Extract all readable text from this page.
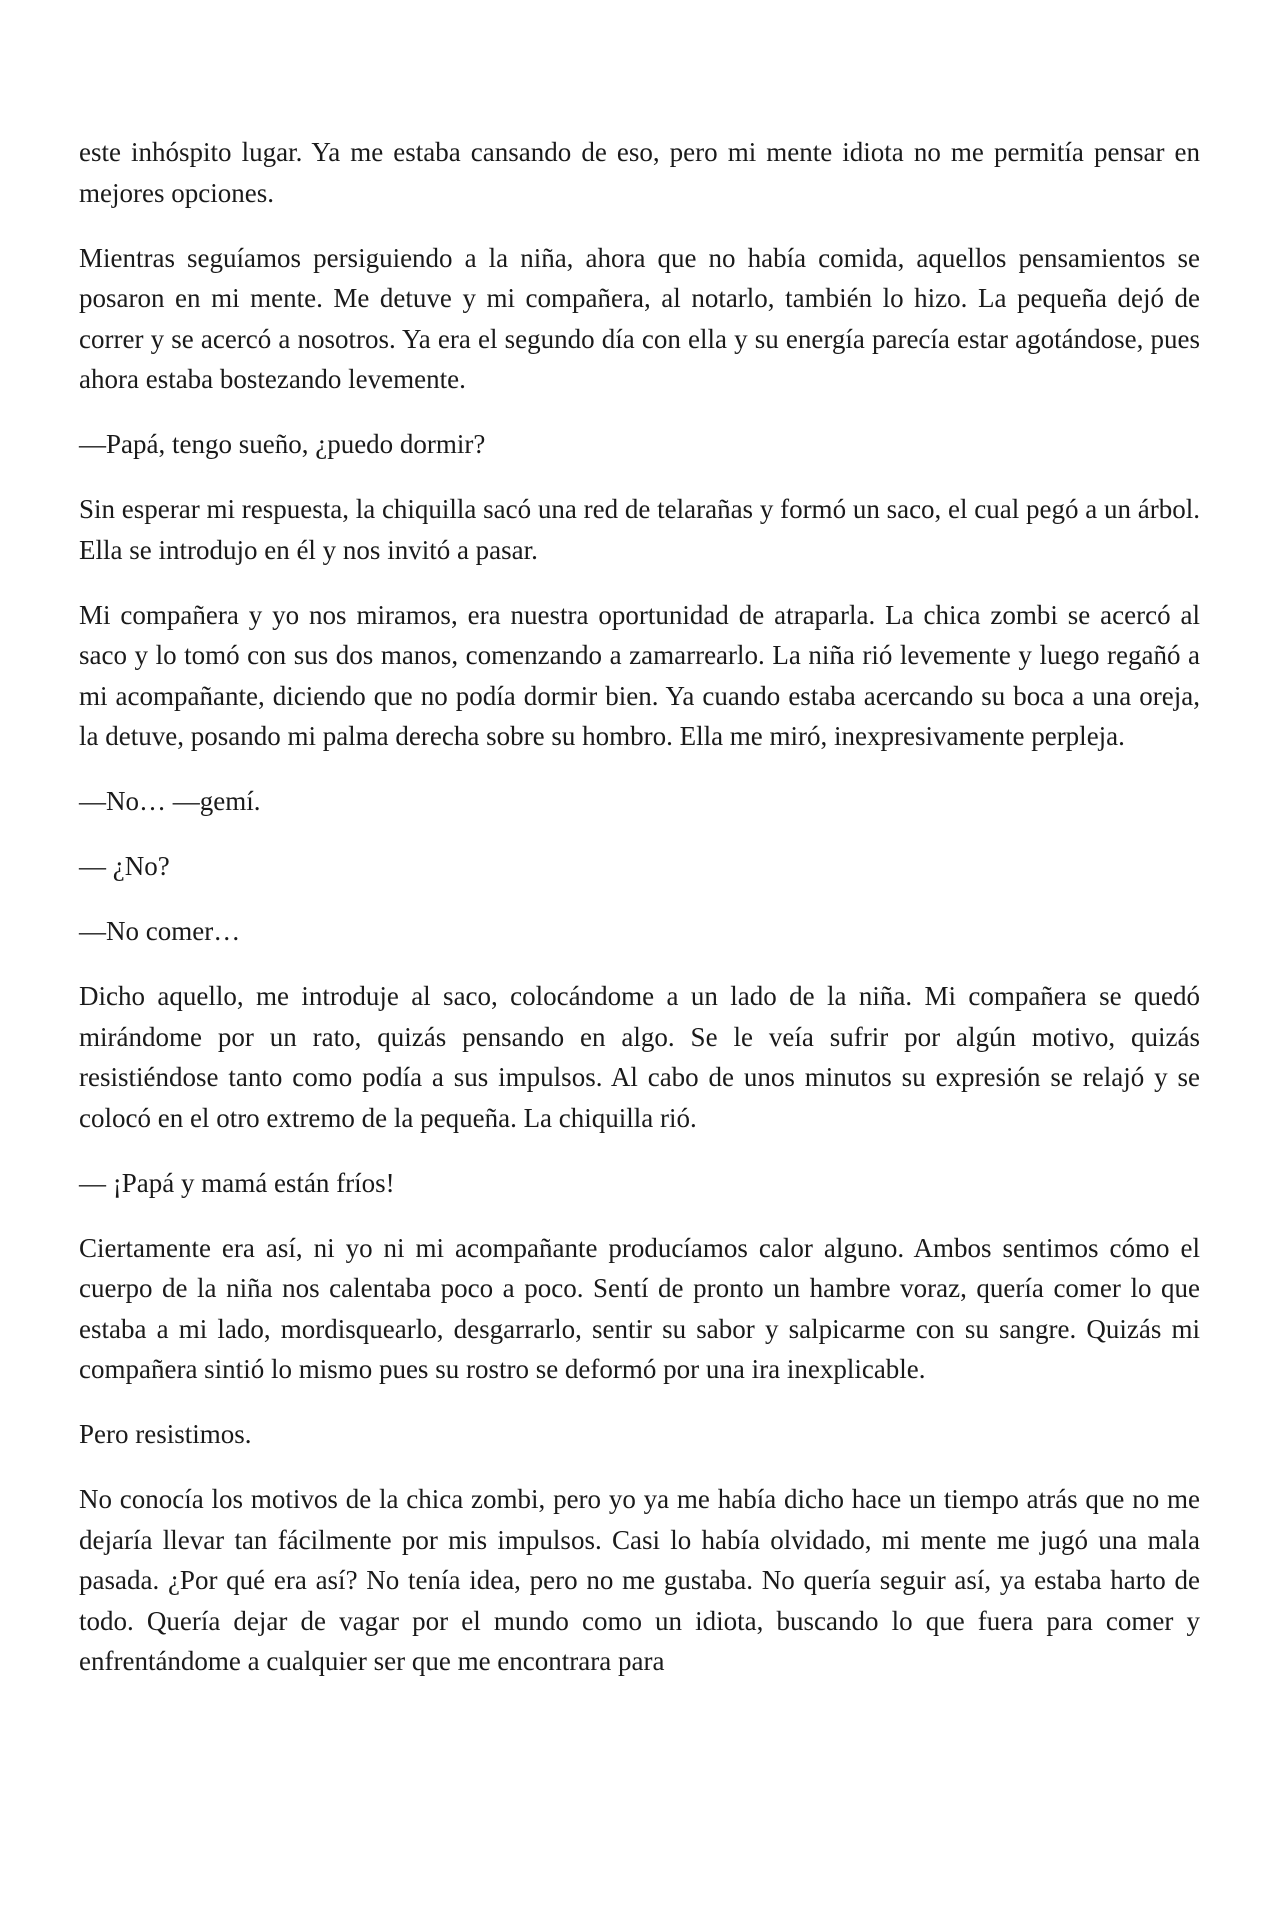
este inhóspito lugar. Ya me estaba cansando de eso, pero mi mente idiota no me permitía pensar en mejores opciones.

Mientras seguíamos persiguiendo a la niña, ahora que no había comida, aquellos pensamientos se posaron en mi mente. Me detuve y mi compañera, al notarlo, también lo hizo. La pequeña dejó de correr y se acercó a nosotros. Ya era el segundo día con ella y su energía parecía estar agotándose, pues ahora estaba bostezando levemente.

—Papá, tengo sueño, ¿puedo dormir?

Sin esperar mi respuesta, la chiquilla sacó una red de telarañas y formó un saco, el cual pegó a un árbol. Ella se introdujo en él y nos invitó a pasar.

Mi compañera y yo nos miramos, era nuestra oportunidad de atraparla. La chica zombi se acercó al saco y lo tomó con sus dos manos, comenzando a zamarrearlo. La niña rió levemente y luego regañó a mi acompañante, diciendo que no podía dormir bien. Ya cuando estaba acercando su boca a una oreja, la detuve, posando mi palma derecha sobre su hombro. Ella me miró, inexpresivamente perpleja.

—No… —gemí.

— ¿No?

—No comer…

Dicho aquello, me introduje al saco, colocándome a un lado de la niña. Mi compañera se quedó mirándome por un rato, quizás pensando en algo. Se le veía sufrir por algún motivo, quizás resistiéndose tanto como podía a sus impulsos. Al cabo de unos minutos su expresión se relajó y se colocó en el otro extremo de la pequeña. La chiquilla rió.

— ¡Papá y mamá están fríos!

Ciertamente era así, ni yo ni mi acompañante producíamos calor alguno. Ambos sentimos cómo el cuerpo de la niña nos calentaba poco a poco. Sentí de pronto un hambre voraz, quería comer lo que estaba a mi lado, mordisquearlo, desgarrarlo, sentir su sabor y salpicarme con su sangre. Quizás mi compañera sintió lo mismo pues su rostro se deformó por una ira inexplicable.

Pero resistimos.

No conocía los motivos de la chica zombi, pero yo ya me había dicho hace un tiempo atrás que no me dejaría llevar tan fácilmente por mis impulsos. Casi lo había olvidado, mi mente me jugó una mala pasada. ¿Por qué era así? No tenía idea, pero no me gustaba. No quería seguir así, ya estaba harto de todo. Quería dejar de vagar por el mundo como un idiota, buscando lo que fuera para comer y enfrentándome a cualquier ser que me encontrara para
